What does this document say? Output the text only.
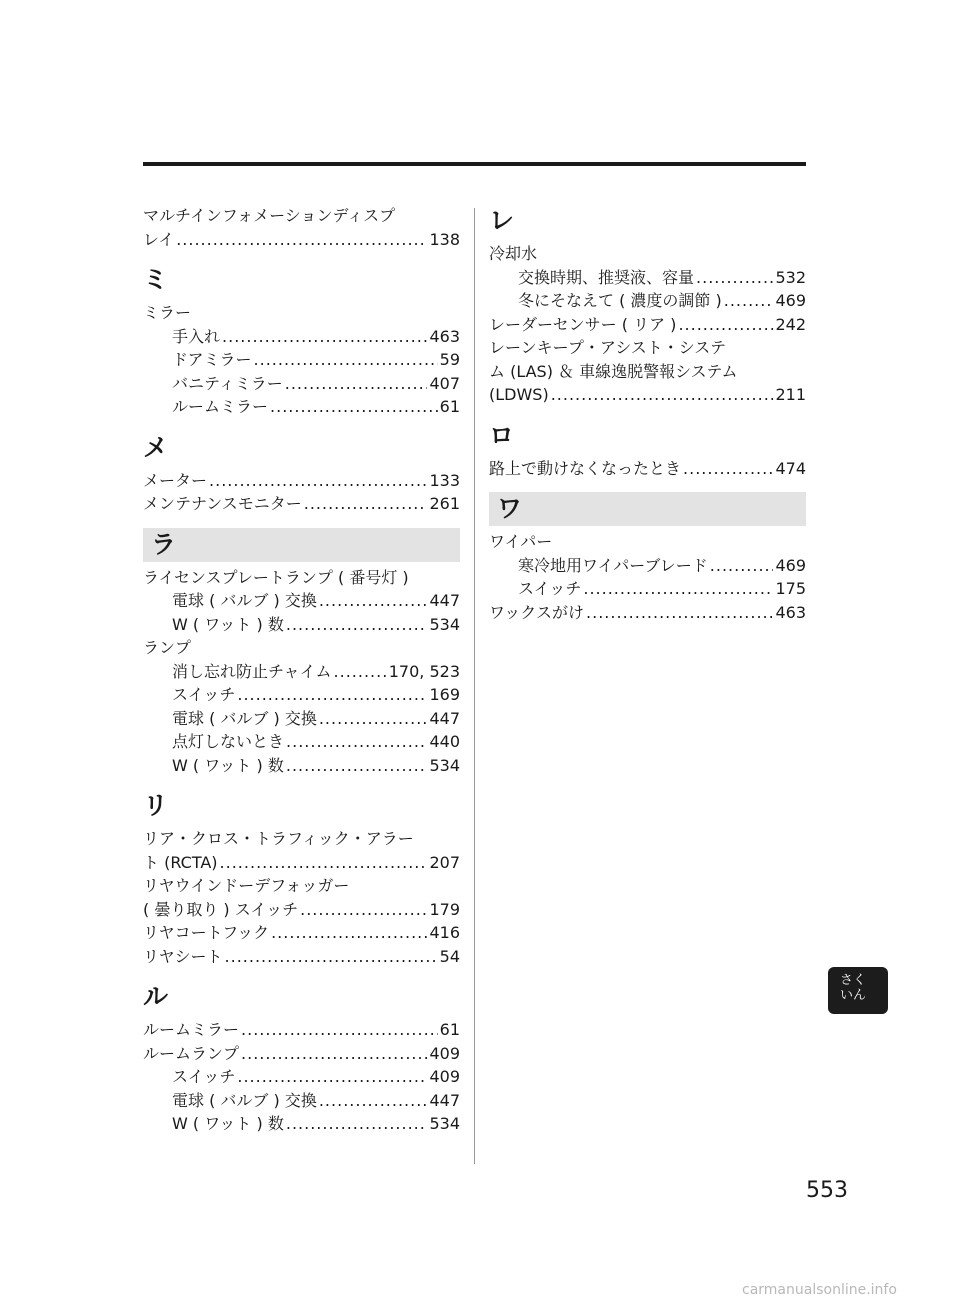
マルチインフォメーションディスプ
レイ .....	138
ミ
ミラー
手入れ .....	463
ドアミラー .....	59
バニティミラー .....	407
ルームミラー .....	61
メ
メーター .....	133
メンテナンスモニター .....	261
ラ
ライセンスプレートランプ ( 番号灯 )
電球 ( バルブ ) 交換 .....	447
W ( ワット ) 数 .....	534
ランプ
消し忘れ防止チャイム .....	170, 523
スイッチ .....	169
電球 ( バルブ ) 交換 .....	447
点灯しないとき .....	440
W ( ワット ) 数 .....	534
リ
リア・クロス・トラフィック・アラー
ト (RCTA) .....	207
リヤウインドーデフォッガー
( 曇り取り ) スイッチ .....	179
リヤコートフック .....	416
リヤシート .....	54
ル
ルームミラー .....	61
ルームランプ .....	409
スイッチ .....	409
電球 ( バルブ ) 交換 .....	447
W ( ワット ) 数 .....	534
レ
冷却水
交換時期、推奨液、容量 .....	532
冬にそなえて ( 濃度の調節 ) .....	469
レーダーセンサー ( リア ) .....	242
レーンキープ・アシスト・システ
ム (LAS) ＆ 車線逸脱警報システム
(LDWS) .....	211
ロ
路上で動けなくなったとき .....	474
ワ
ワイパー
寒冷地用ワイパーブレード .....	469
スイッチ .....	175
ワックスがけ .....	463
さく
いん
553
carmanualsonline.info
